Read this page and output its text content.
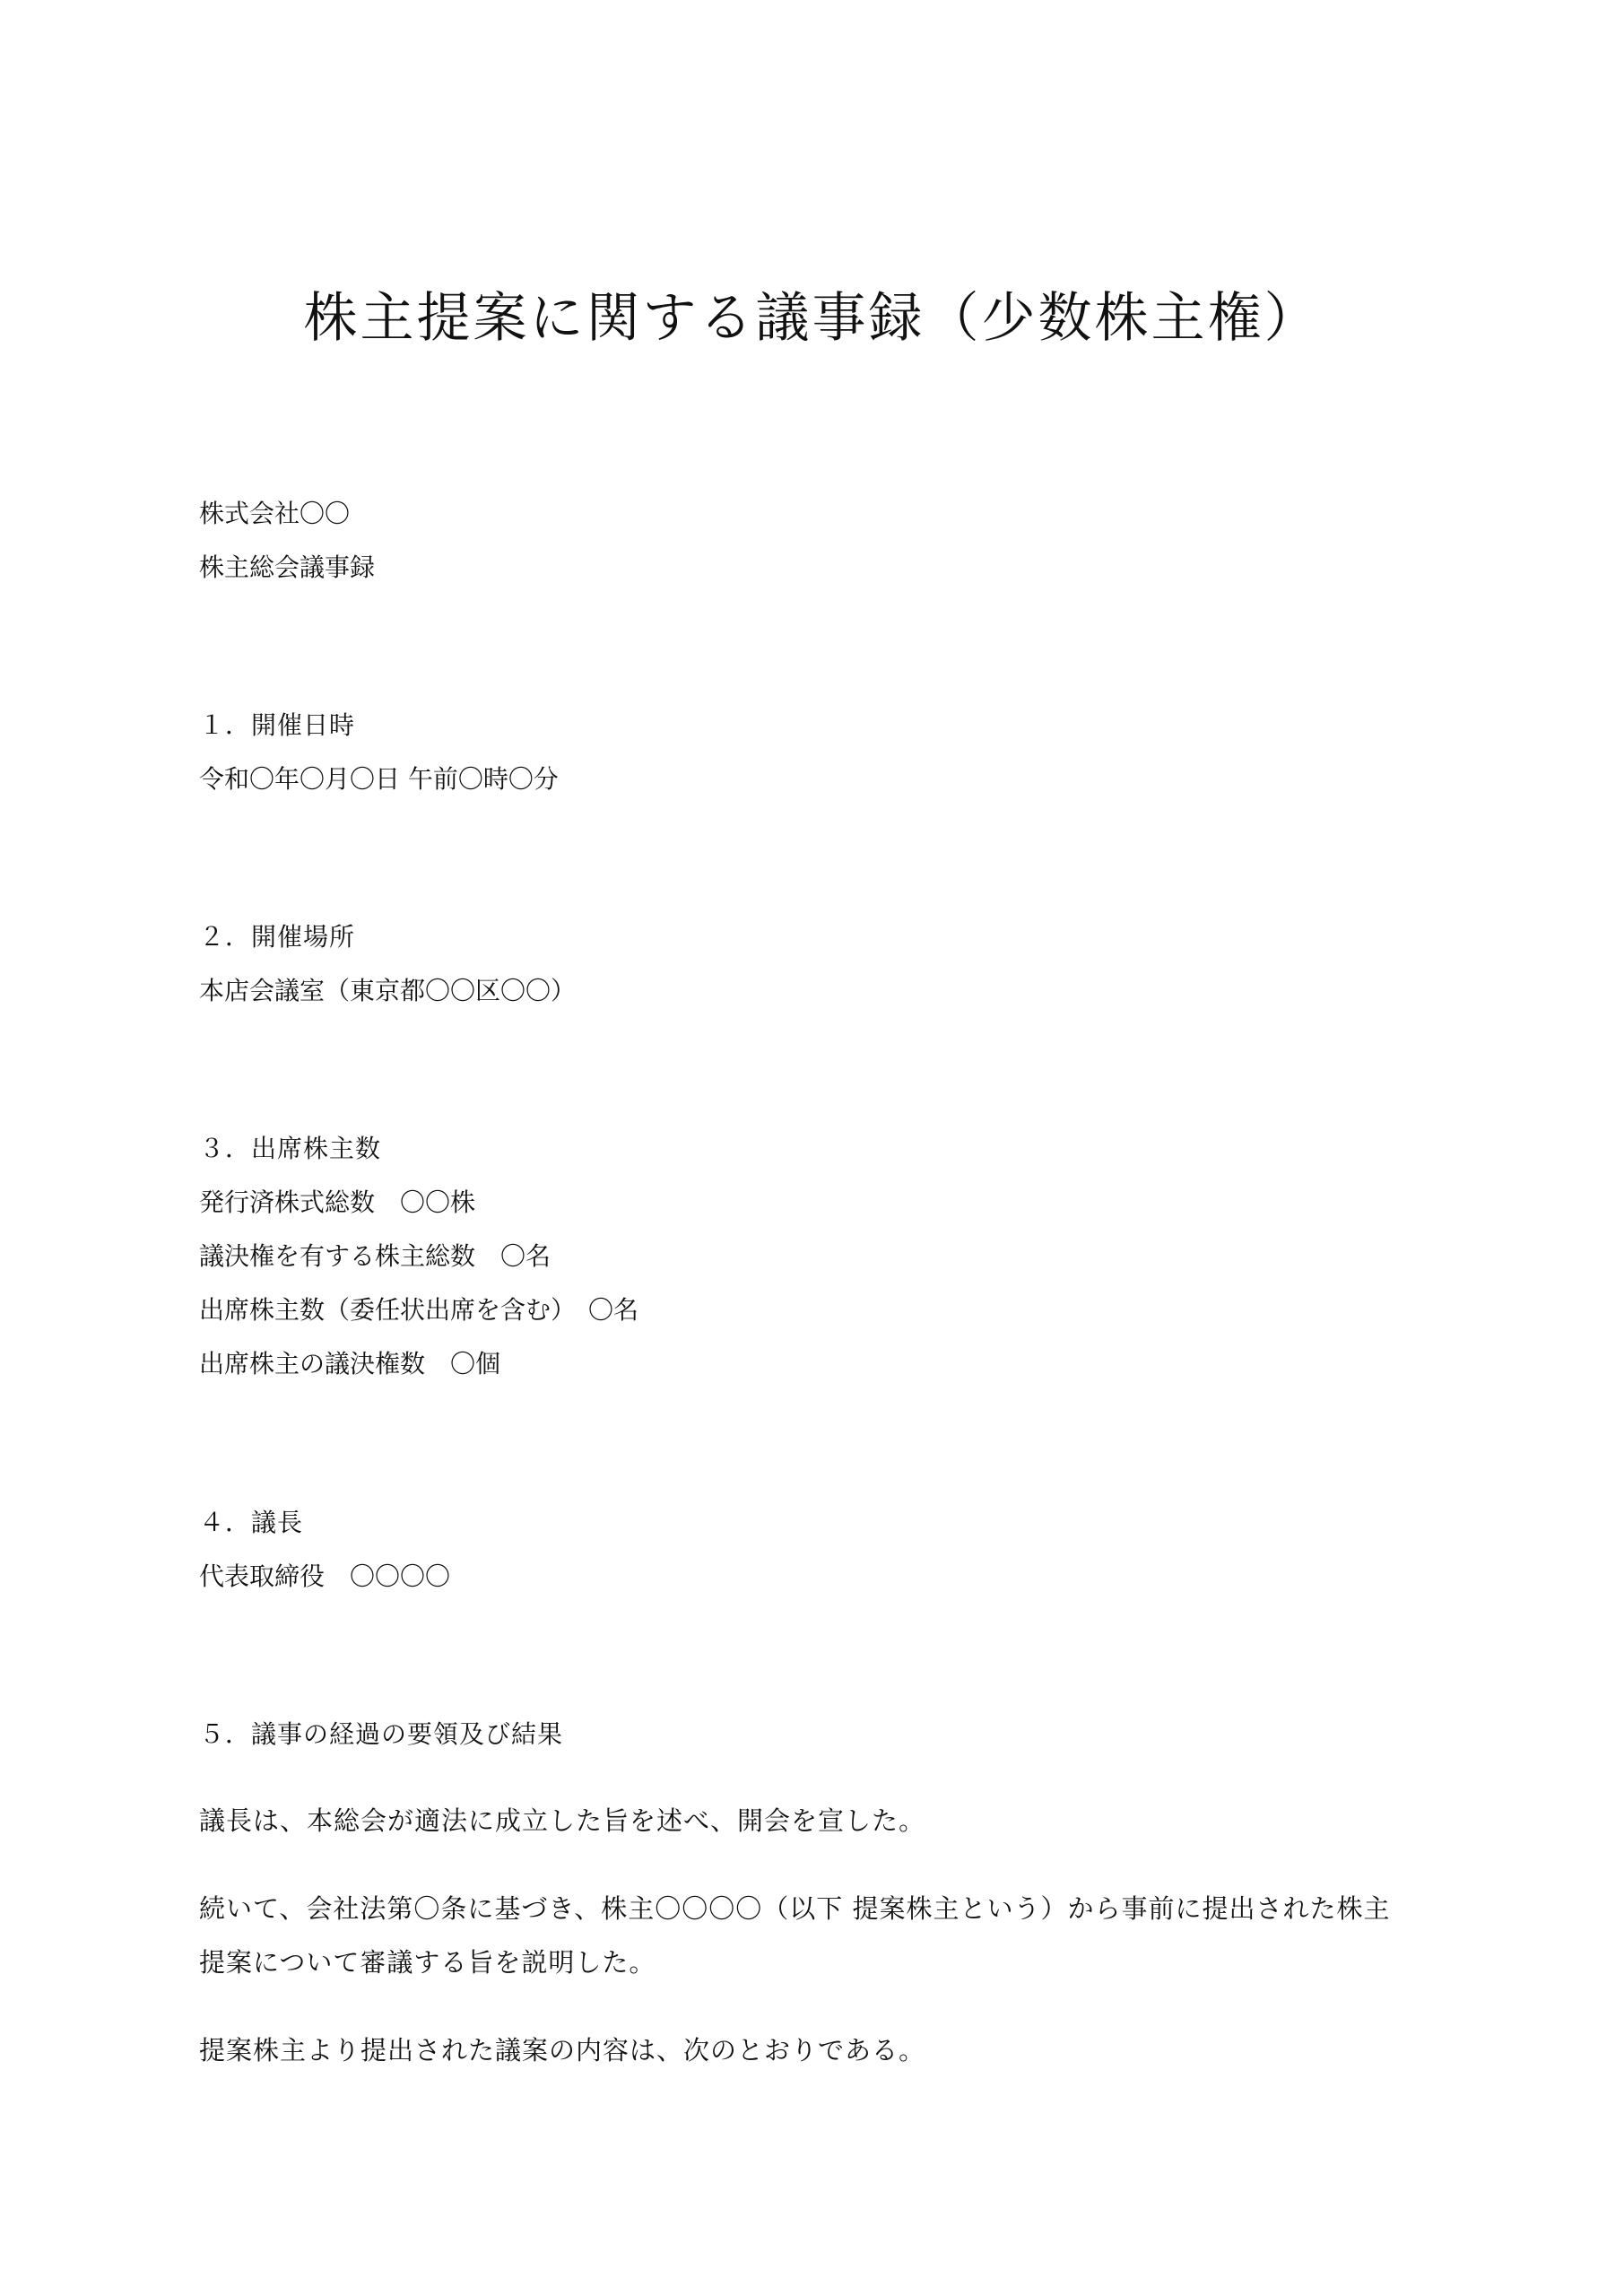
株主提案に関する議事録（少数株主権）

株式会社〇〇

株主総会議事録

１．開催日時

令和〇年〇月〇日 午前〇時〇分

２．開催場所

本店会議室（東京都〇〇区〇〇）

３．出席株主数

発行済株式総数　〇〇株

議決権を有する株主総数　〇名

出席株主数（委任状出席を含む）　〇名

出席株主の議決権数　〇個

４．議長

代表取締役　〇〇〇〇

５．議事の経過の要領及び結果

議長は、本総会が適法に成立した旨を述べ、開会を宣した。

続いて、会社法第〇条に基づき、株主〇〇〇〇（以下 提案株主という）から事前に提出された株主

提案について審議する旨を説明した。

提案株主より提出された議案の内容は、次のとおりである。
